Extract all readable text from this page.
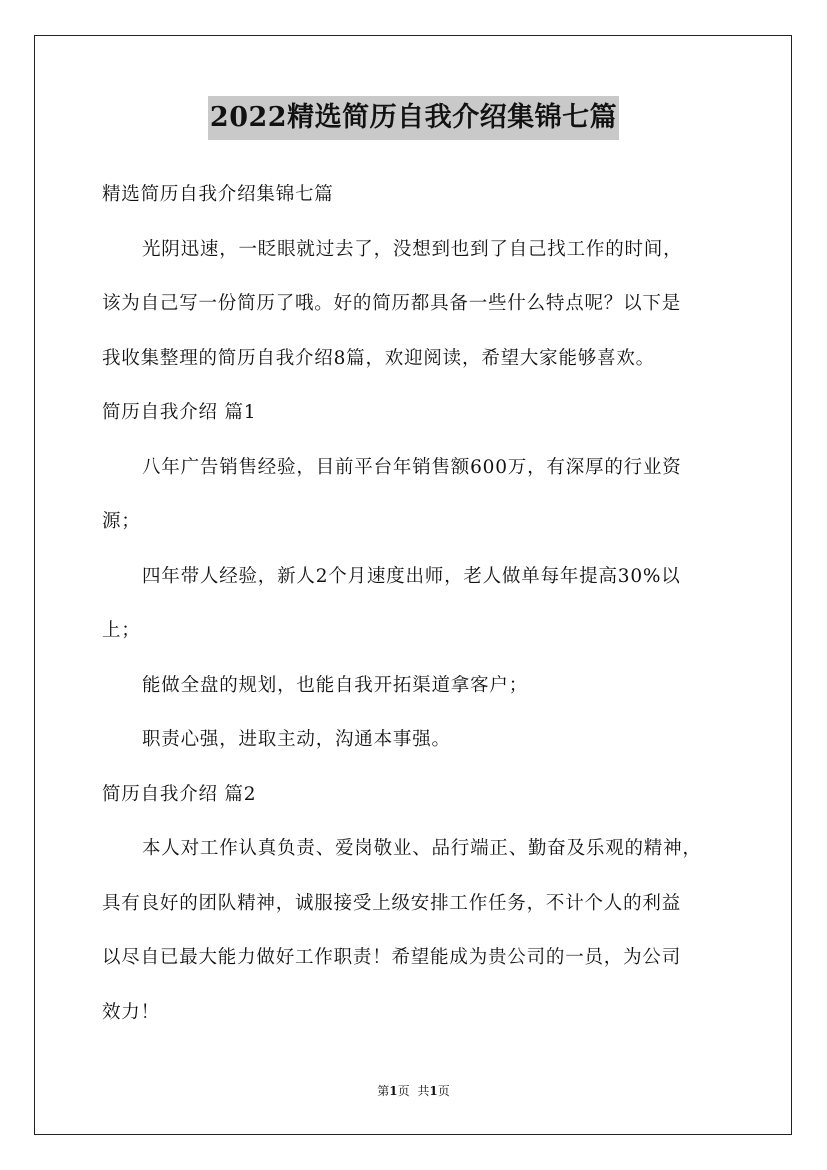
2022精选简历自我介绍集锦七篇
精选简历自我介绍集锦七篇
光阴迅速，一眨眼就过去了，没想到也到了自己找工作的时间，
该为自己写一份简历了哦。好的简历都具备一些什么特点呢？以下是
我收集整理的简历自我介绍8篇，欢迎阅读，希望大家能够喜欢。
简历自我介绍 篇1
八年广告销售经验，目前平台年销售额600万，有深厚的行业资
源；
四年带人经验，新人2个月速度出师，老人做单每年提高30%以
上；
能做全盘的规划，也能自我开拓渠道拿客户；
职责心强，进取主动，沟通本事强。
简历自我介绍 篇2
本人对工作认真负责、爱岗敬业、品行端正、勤奋及乐观的精神，
具有良好的团队精神，诚服接受上级安排工作任务，不计个人的利益
以尽自已最大能力做好工作职责！希望能成为贵公司的一员，为公司
效力！
第1页 共1页
